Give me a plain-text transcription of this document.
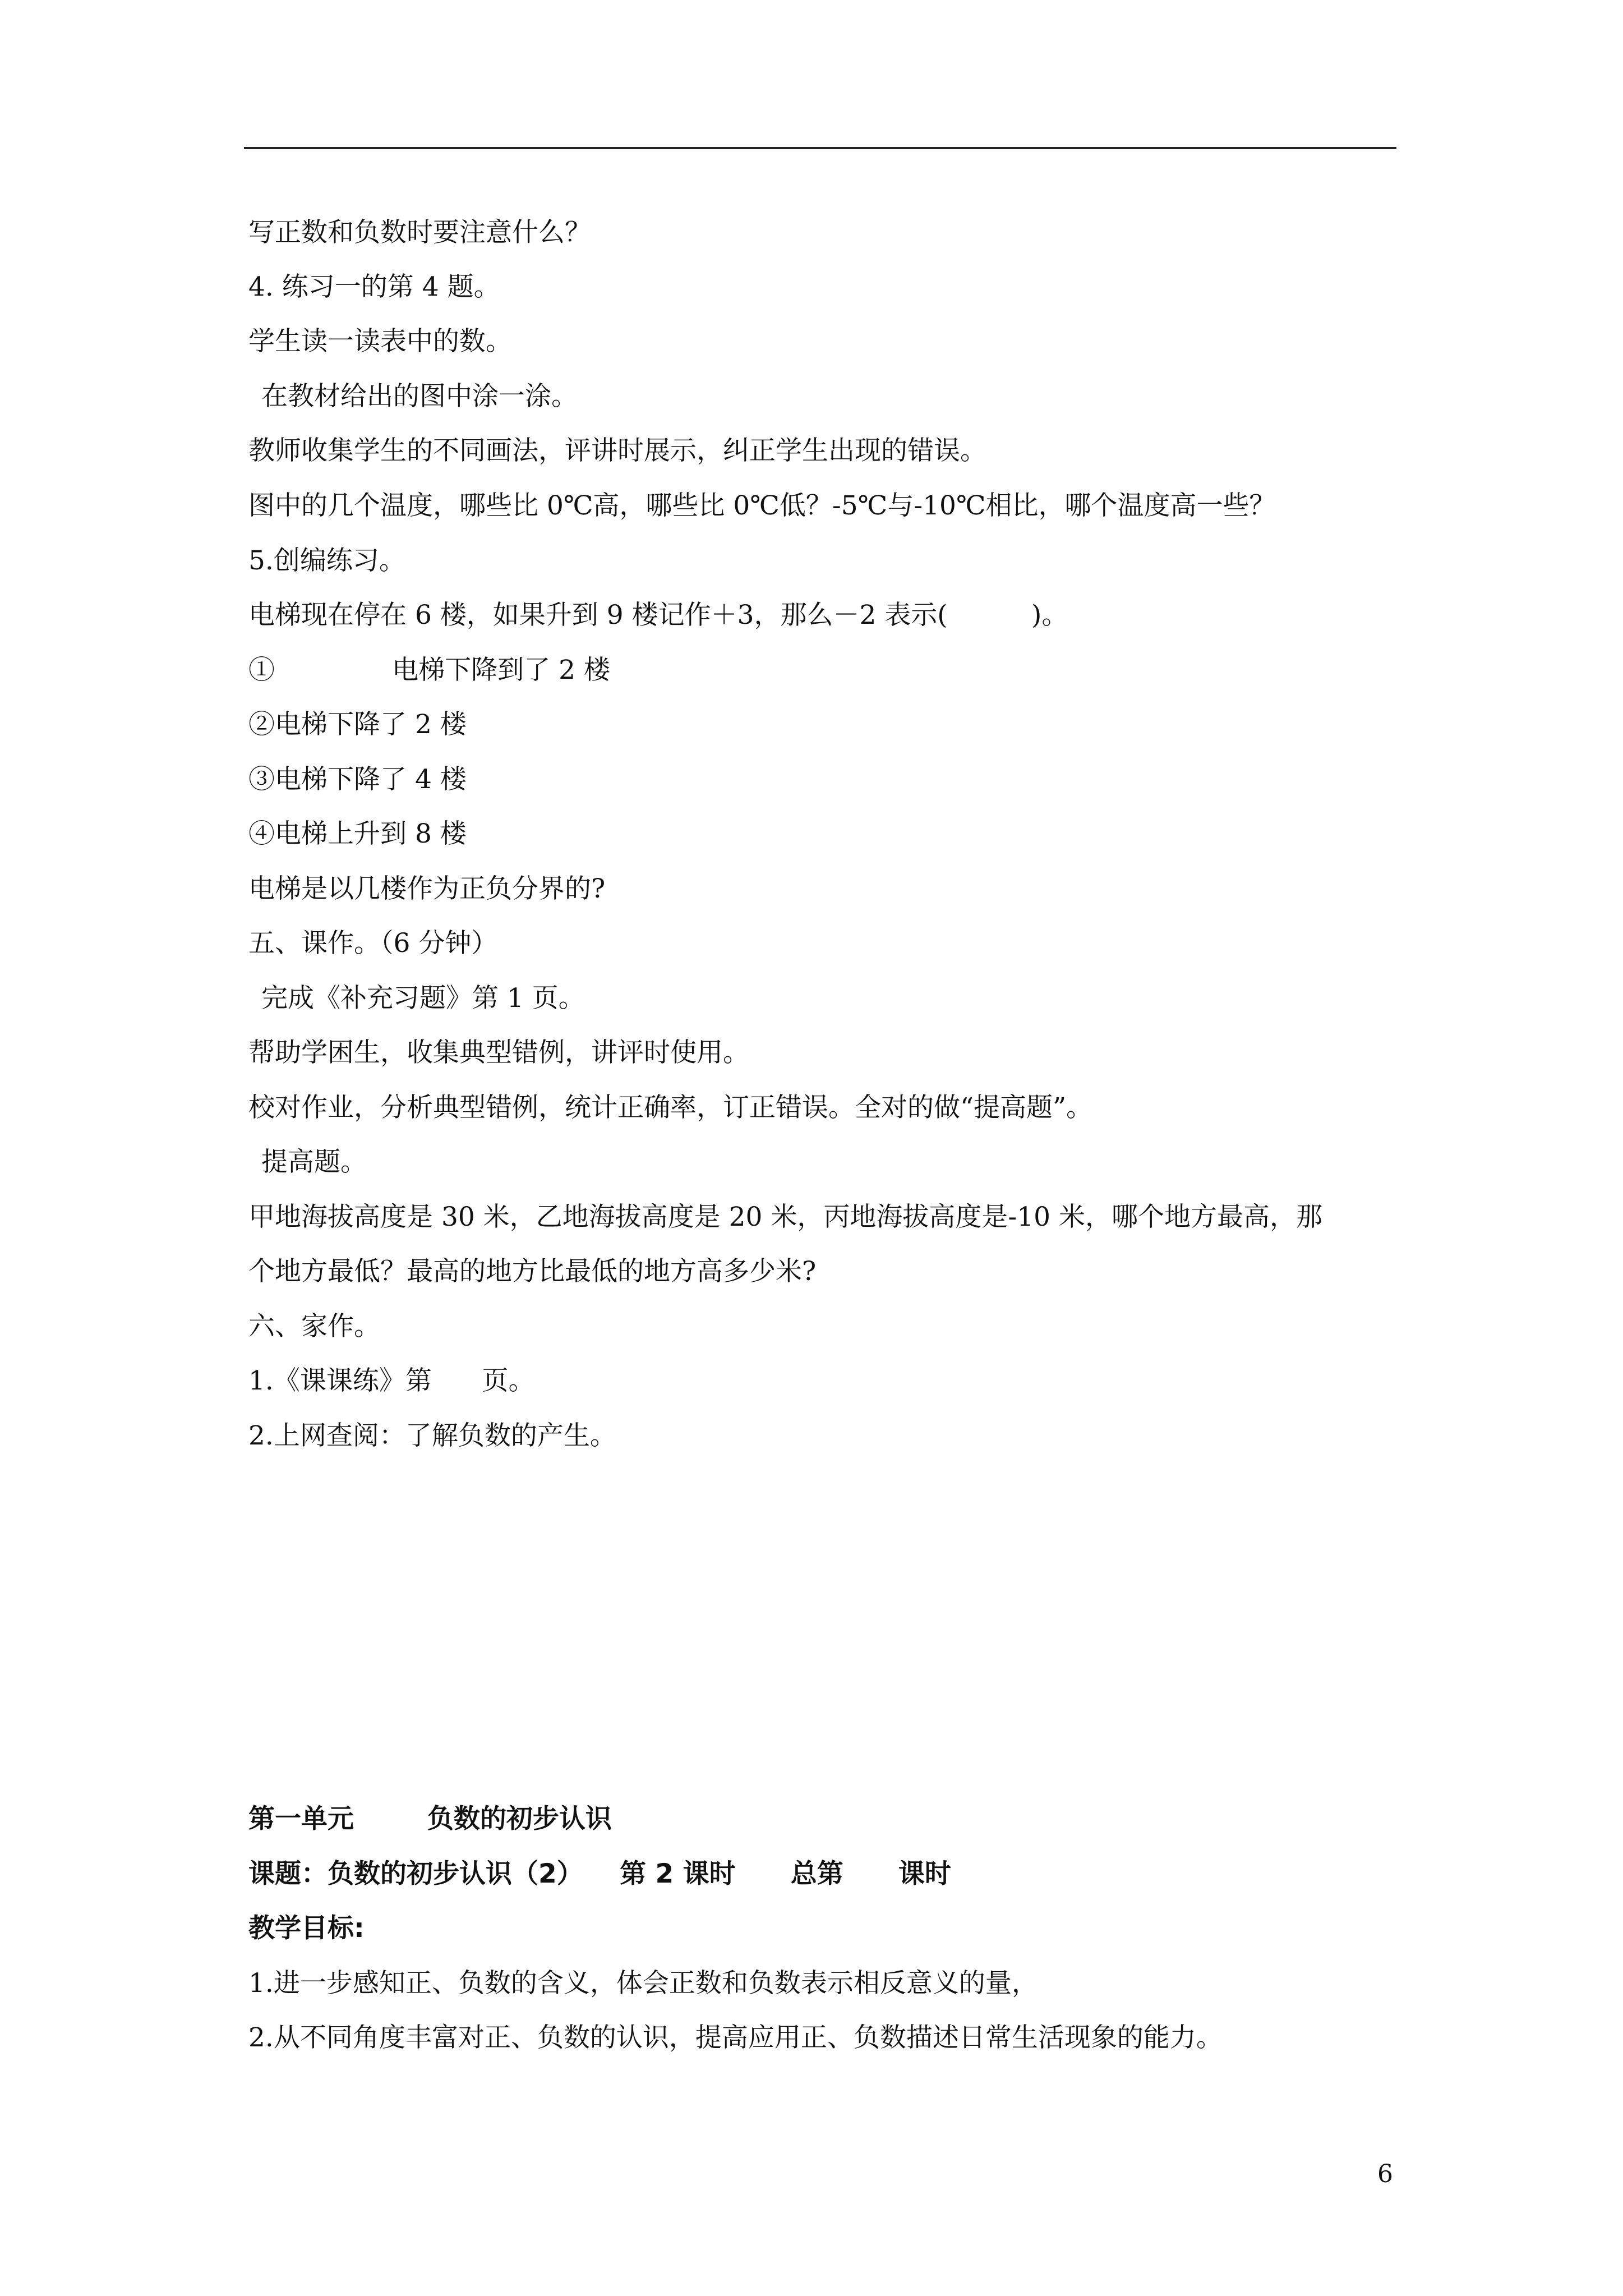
写正数和负数时要注意什么？
4. 练习一的第 4 题。
学生读一读表中的数。
在教材给出的图中涂一涂。
教师收集学生的不同画法，评讲时展示，纠正学生出现的错误。
图中的几个温度，哪些比 0℃高，哪些比 0℃低？-5℃与-10℃相比，哪个温度高一些？
5.创编练习。
电梯现在停在 6 楼，如果升到 9 楼记作＋3，那么－2 表示(          )。
①              电梯下降到了 2 楼
②电梯下降了 2 楼
③电梯下降了 4 楼
④电梯上升到 8 楼
电梯是以几楼作为正负分界的?
五、课作。（6 分钟）
完成《补充习题》第 1 页。
帮助学困生，收集典型错例，讲评时使用。
校对作业，分析典型错例，统计正确率，订正错误。全对的做“提高题”。
提高题。
甲地海拔高度是 30 米，乙地海拔高度是 20 米，丙地海拔高度是-10 米，哪个地方最高，那
个地方最低？最高的地方比最低的地方高多少米?
六、家作。
1.《课课练》第      页。
2.上网查阅：了解负数的产生。
第一单元        负数的初步认识
课题：负数的初步认识（2）    第 2 课时      总第      课时
教学目标:
1.进一步感知正、负数的含义，体会正数和负数表示相反意义的量，
2.从不同角度丰富对正、负数的认识，提高应用正、负数描述日常生活现象的能力。
6
